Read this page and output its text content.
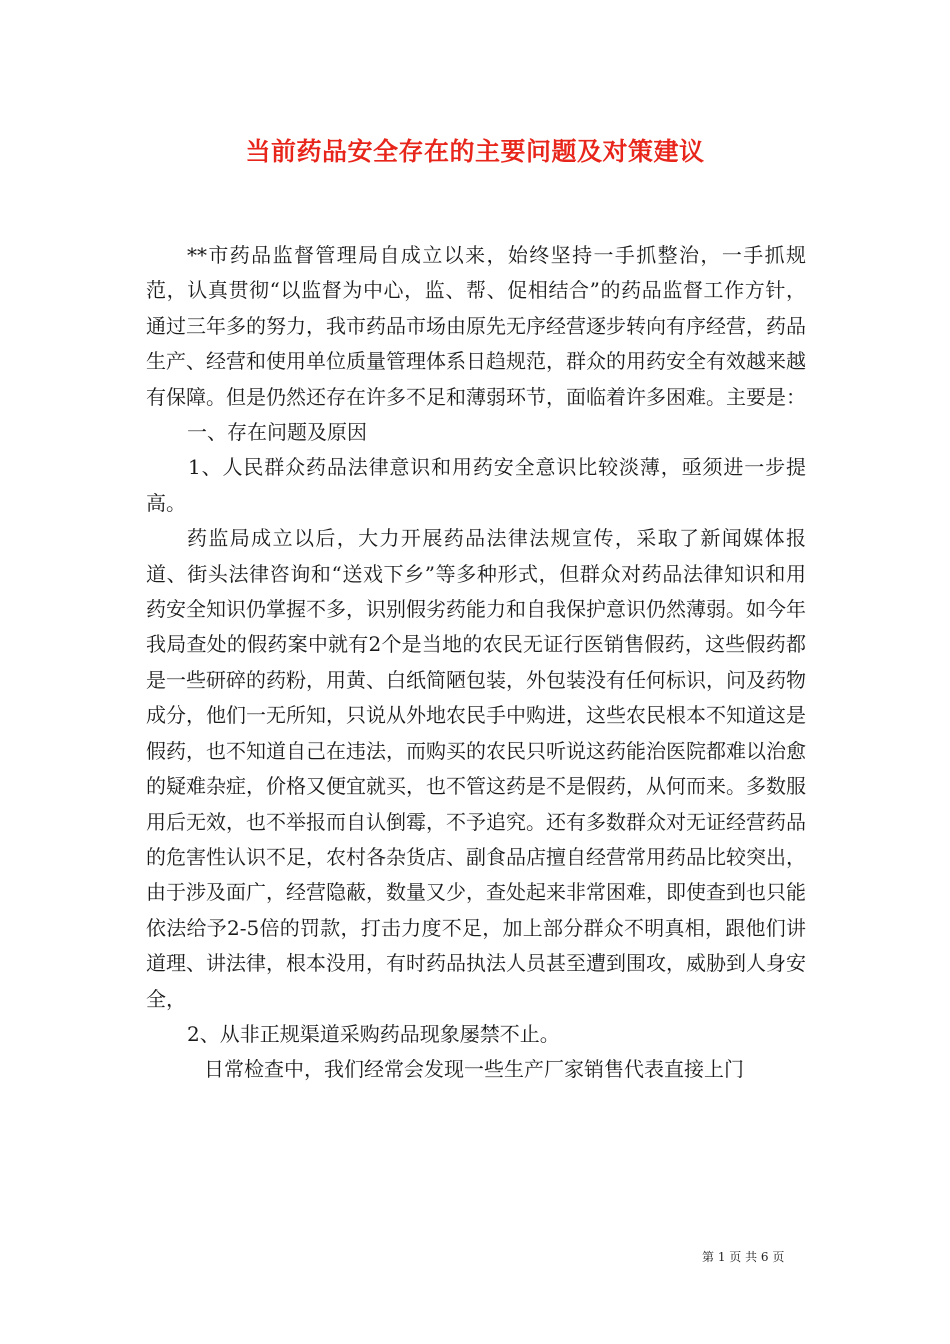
当前药品安全存在的主要问题及对策建议

**市药品监督管理局自成立以来，始终坚持一手抓整治，一手抓规范，认真贯彻“以监督为中心，监、帮、促相结合”的药品监督工作方针，通过三年多的努力，我市药品市场由原先无序经营逐步转向有序经营，药品生产、经营和使用单位质量管理体系日趋规范，群众的用药安全有效越来越有保障。但是仍然还存在许多不足和薄弱环节，面临着许多困难。主要是：

一、存在问题及原因

1、人民群众药品法律意识和用药安全意识比较淡薄，亟须进一步提高。

药监局成立以后，大力开展药品法律法规宣传，采取了新闻媒体报道、街头法律咨询和“送戏下乡”等多种形式，但群众对药品法律知识和用药安全知识仍掌握不多，识别假劣药能力和自我保护意识仍然薄弱。如今年我局查处的假药案中就有2个是当地的农民无证行医销售假药，这些假药都是一些研碎的药粉，用黄、白纸简陋包装，外包装没有任何标识，问及药物成分，他们一无所知，只说从外地农民手中购进，这些农民根本不知道这是假药，也不知道自己在违法，而购买的农民只听说这药能治医院都难以治愈的疑难杂症，价格又便宜就买，也不管这药是不是假药，从何而来。多数服用后无效，也不举报而自认倒霉，不予追究。还有多数群众对无证经营药品的危害性认识不足，农村各杂货店、副食品店擅自经营常用药品比较突出，由于涉及面广，经营隐蔽，数量又少，查处起来非常困难，即使查到也只能依法给予2-5倍的罚款，打击力度不足，加上部分群众不明真相，跟他们讲道理、讲法律，根本没用，有时药品执法人员甚至遭到围攻，威胁到人身安全，

2、从非正规渠道采购药品现象屡禁不止。

日常检查中，我们经常会发现一些生产厂家销售代表直接上门

第 1 页 共 6 页
